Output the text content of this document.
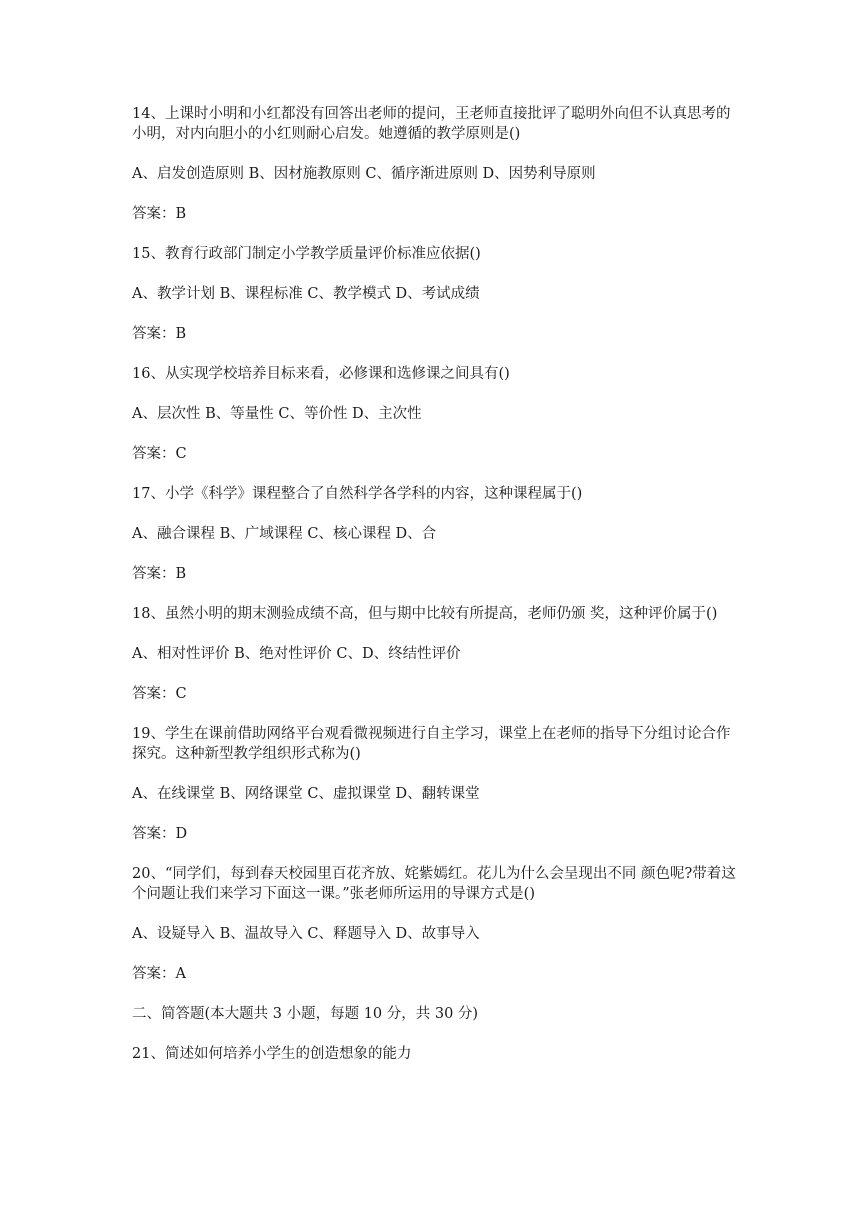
14、上课时小明和小红都没有回答出老师的提问，王老师直接批评了聪明外向但不认真思考的小明，对内向胆小的小红则耐心启发。她遵循的教学原则是()

A、启发创造原则 B、因材施教原则 C、循序渐进原则 D、因势利导原则

答案：B

15、教育行政部门制定小学教学质量评价标准应依据()

A、教学计划 B、课程标准 C、教学模式 D、考试成绩

答案：B

16、从实现学校培养目标来看，必修课和选修课之间具有()

A、层次性 B、等量性 C、等价性 D、主次性

答案：C

17、小学《科学》课程整合了自然科学各学科的内容，这种课程属于()

A、融合课程 B、广域课程 C、核心课程 D、合

答案：B

18、虽然小明的期末测验成绩不高，但与期中比较有所提高，老师仍颁 奖，这种评价属于()

A、相对性评价 B、绝对性评价 C、D、终结性评价

答案：C

19、学生在课前借助网络平台观看微视频进行自主学习，课堂上在老师的指导下分组讨论合作探究。这种新型教学组织形式称为()

A、在线课堂 B、网络课堂 C、虚拟课堂 D、翻转课堂

答案：D

20、“同学们，每到春天校园里百花齐放、姹紫嫣红。花儿为什么会呈现出不同 颜色呢?带着这个问题让我们来学习下面这一课。”张老师所运用的导课方式是()

A、设疑导入 B、温故导入 C、释题导入 D、故事导入

答案：A

二、简答题(本大题共 3 小题，每题 10 分，共 30 分)

21、简述如何培养小学生的创造想象的能力
